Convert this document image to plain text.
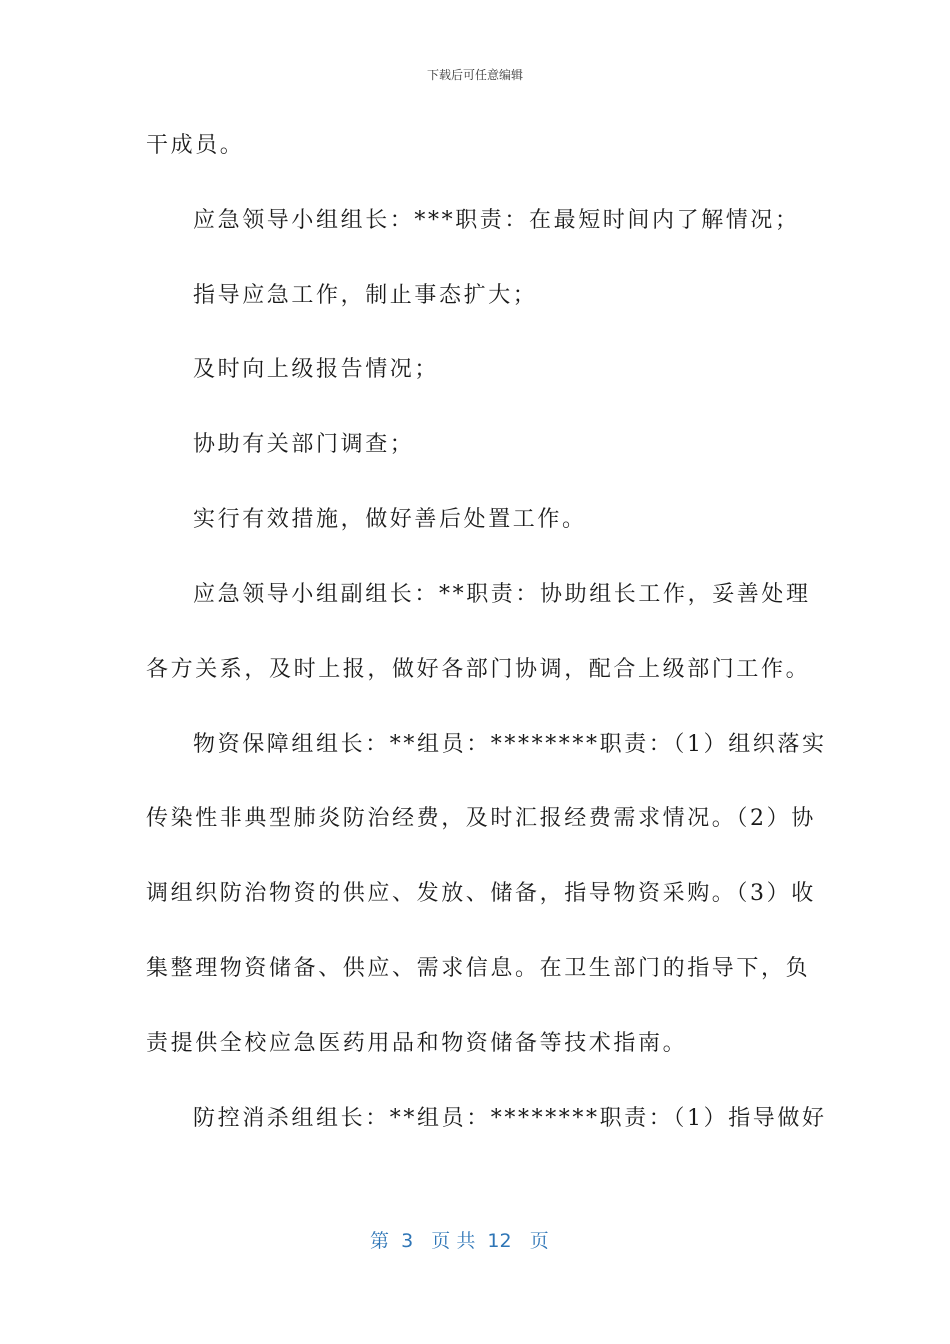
下载后可任意编辑
干成员。
应急领导小组组长：***职责：在最短时间内了解情况；
指导应急工作，制止事态扩大；
及时向上级报告情况；
协助有关部门调查；
实行有效措施，做好善后处置工作。
应急领导小组副组长：**职责：协助组长工作，妥善处理
各方关系，及时上报，做好各部门协调，配合上级部门工作。
物资保障组组长：**组员：********职责：（1）组织落实
传染性非典型肺炎防治经费，及时汇报经费需求情况。（2）协
调组织防治物资的供应、发放、储备，指导物资采购。（3）收
集整理物资储备、供应、需求信息。在卫生部门的指导下，负
责提供全校应急医药用品和物资储备等技术指南。
防控消杀组组长：**组员：********职责：（1）指导做好
第  3   页 共  12   页
